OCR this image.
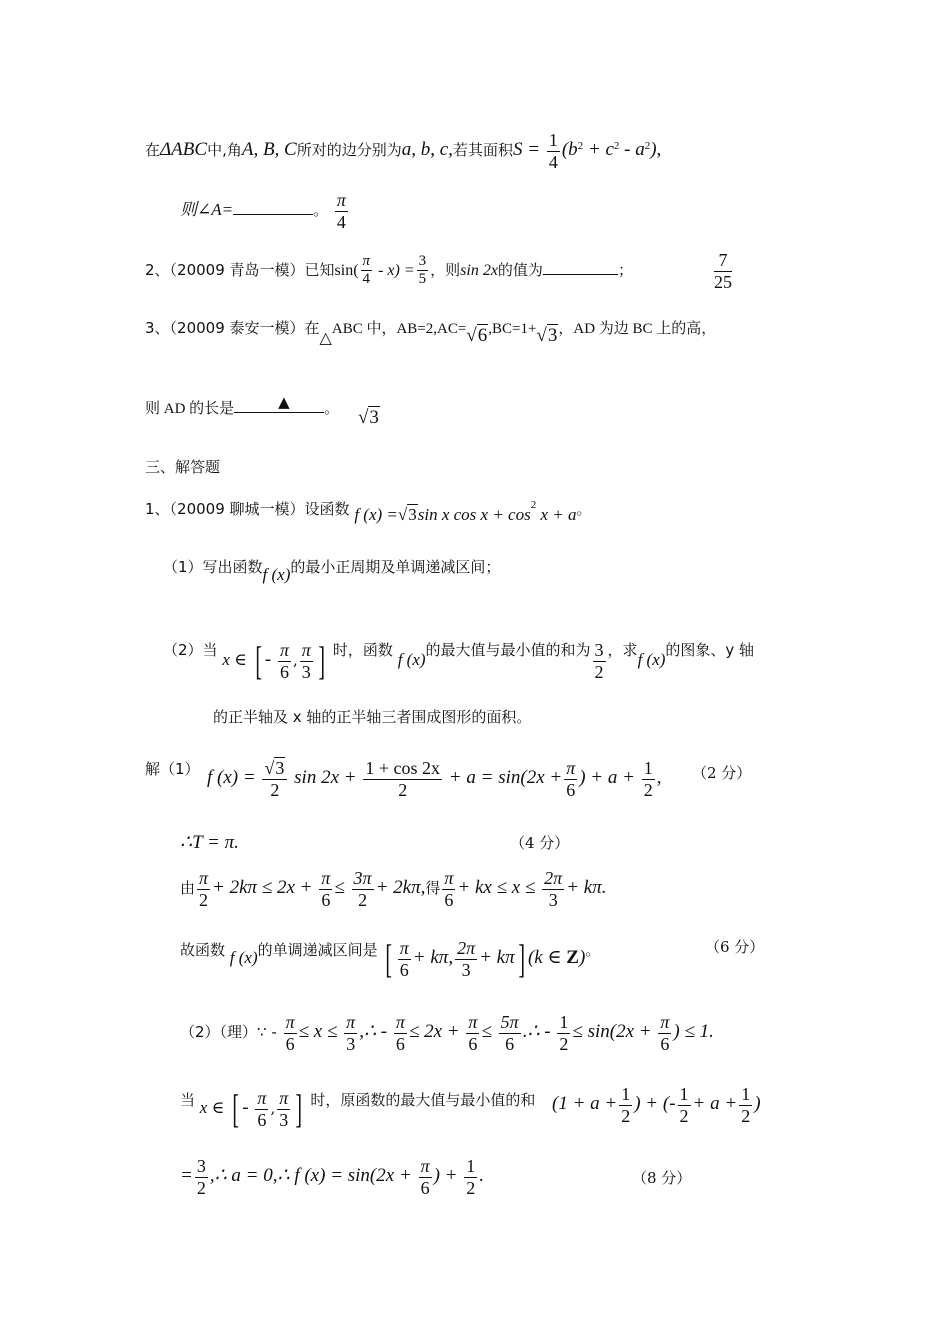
在ΔABC中,角A, B, C所对的边分别为a, b, c,若其面积$S = \frac{1}{4} (b^2 + c^2 - a^2)$,
则∠A=	。 $\frac{\pi}{4}$
2、（20009 青岛一模）已知$\sin( \frac{\pi}{4} - x) = \frac{3}{5}$ ，则sin 2x的值为	；	$\frac{7}{25}$
3、（20009 泰安一模）在△ABC 中，AB=2,AC=√6,BC=1+√3，AD 为边 BC 上的高，
则 AD 的长是	▲ 。 √3
三、解答题
1、（20009 聊城一模）设函数 f (x) =√3sin x $\cos x + \cos^2 x + a$。
（1）写出函数f (x)的最小正周期及单调递减区间；
（2）当 x ∈ [ - $\frac{\pi}{6}$ , $\frac{\pi}{3}$ ] 时，函数 f (x)的最大值与最小值的和为 $\frac{3}{2}$ ，求f (x)的图象、y 轴
的正半轴及 x 轴的正半轴三者围成图形的面积。
解（1） f $(x) = \frac{√3}{2}$ $\sin 2x + \frac{1 + \cos 2x}{2} + a = \sin(2x + \frac{\pi}{6}$ ) + $a + \frac{1}{2}$ , （2 分）
∴T = π.	（4 分）
由 $\frac{\pi}{2} + 2k\pi \le 2x + \frac{\pi}{6} \le \frac{3\pi}{2} + 2k\pi$,得 $\frac{\pi}{6}$ + kx ≤ $x \le \frac{2\pi}{3} + k\pi$.
故函数 f (x)的单调递减区间是 [ $\frac{\pi}{6} + k\pi$, $\frac{2\pi}{3} + k\pi$] (k ∈ Z)。	（6 分）
（2）（理）∵ - $\frac{\pi}{6} \le x \le \frac{\pi}{3}$ ,∴ - $\frac{\pi}{6} \le 2x + \frac{\pi}{6} \le \frac{5\pi}{6}$ .∴ - $\frac{1}{2} \le \sin(2x + \frac{\pi}{6}$ ) ≤ 1.
当 x ∈ [ - $\frac{\pi}{6}$ , $\frac{\pi}{3}$ ] 时，原函数的最大值与最小值的和 ($1 + a + \frac{1}{2}$ ) + (- $\frac{1}{2} + a + \frac{1}{2}$ )
= $\frac{3}{2}$ ,∴ a = 0,∴ f $(x) = \sin(2x + \frac{\pi}{6}$ ) + $\frac{1}{2}$ .	（8 分）
